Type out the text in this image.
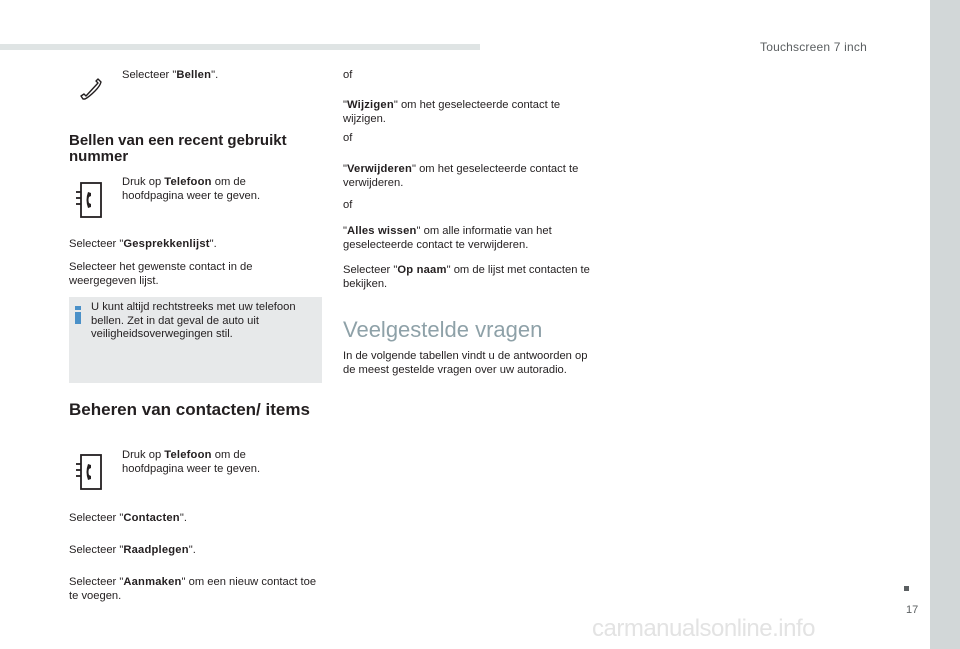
Touchscreen 7 inch
17
Selecteer "Bellen".
Bellen van een recent gebruikt nummer
Druk op Telefoon om de hoofdpagina weer te geven.
Selecteer "Gesprekkenlijst".
Selecteer het gewenste contact in de weergegeven lijst.
U kunt altijd rechtstreeks met uw telefoon bellen. Zet in dat geval de auto uit veiligheidsoverwegingen stil.
Beheren van contacten/ items
Druk op Telefoon om de hoofdpagina weer te geven.
Selecteer "Contacten".
Selecteer "Raadplegen".
Selecteer "Aanmaken" om een nieuw contact toe te voegen.
of
"Wijzigen" om het geselecteerde contact te wijzigen.
of
"Verwijderen" om het geselecteerde contact te verwijderen.
of
"Alles wissen" om alle informatie van het geselecteerde contact te verwijderen.
Selecteer "Op naam" om de lijst met contacten te bekijken.
Veelgestelde vragen
In de volgende tabellen vindt u de antwoorden op de meest gestelde vragen over uw autoradio.
carmanualsonline.info
